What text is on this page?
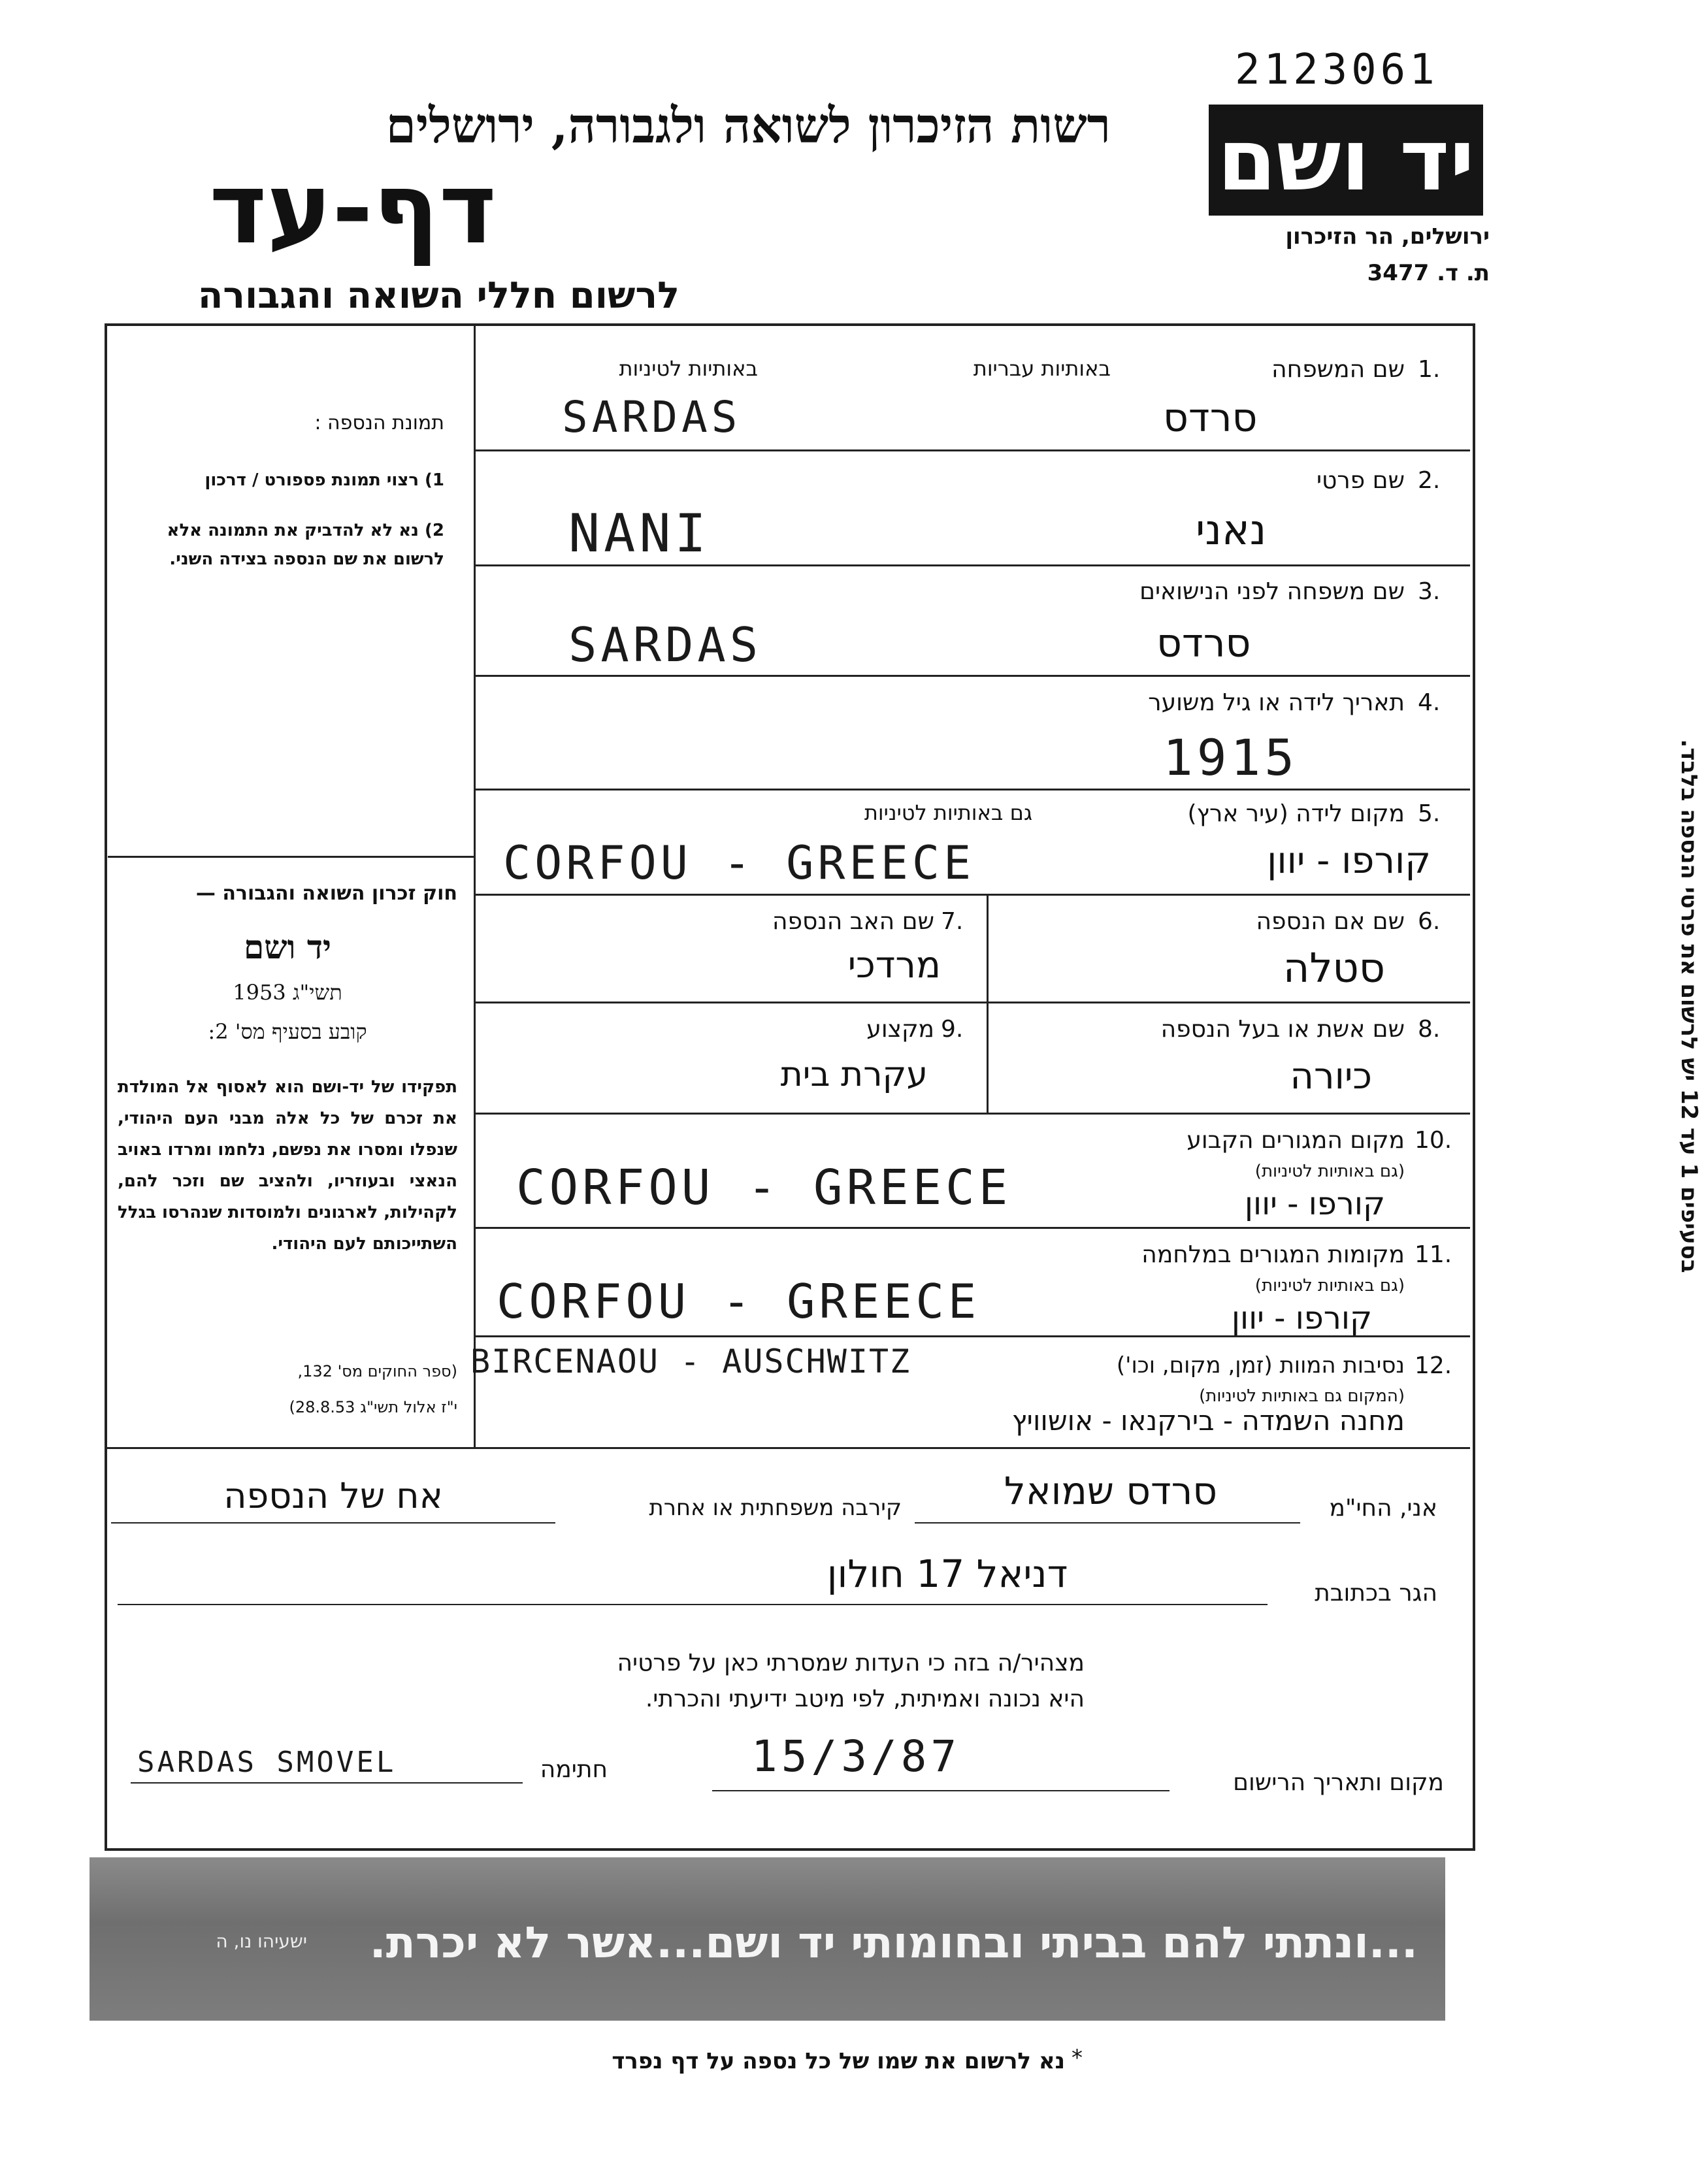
2123061
רשות הזיכרון לשואה ולגבורה, ירושלים
דף-עד
לרשום חללי השואה והגבורה
יד ושם
ירושלים, הר הזיכרון
ת. ד. 3477
תמונת הנספה :
1) רצוי תמונת פספורט / דרכון
2) נא לא להדביק את התמונה אלא לרשום את שם הנספה בצידה השני.
חוק זכרון השואה והגבורה —
יד ושם
תשי"ג 1953
קובע בסעיף מס' 2:
תפקידו של יד-ושם הוא לאסוף אל המולדת את זכרם של כל אלה מבני העם היהודי, שנפלו ומסרו את נפשם, נלחמו ומרדו באויב הנאצי ובעוזריו, ולהציב שם וזכר להם, לקהילות, לארגונים ולמוסדות שנהרסו בגלל השתייכותם לעם היהודי.
(ספר החוקים מס' 132,
י"ז אלול תשי"ג 28.8.53)
1.
שם המשפחה
באותיות עבריות
באותיות לטיניות
SARDAS	סרדס
2.
שם פרטי
NANI	נאני
3.
שם משפחה לפני הנישואים
SARDAS	סרדס
4.
תאריך לידה או גיל משוער
1915
5.
מקום לידה (עיר ארץ)
גם באותיות לטיניות
CORFOU - GREECE	קורפו - יוון
6.
שם אם הנספה
סטלה
7.
שם האב הנספה
מרדכי
8.
שם אשת או בעל הנספה
כיורה
9.
מקצוע
עקרת בית
10.
מקום המגורים הקבוע
(גם באותיות לטיניות)
CORFOU - GREECE	קורפו - יוון
11.
מקומות המגורים במלחמה
(גם באותיות לטיניות)
CORFOU - GREECE	קורפו - יוון
12.
נסיבות המוות (זמן, מקום, וכו')
(המקום גם באותיות לטיניות)
BIRCENAOU - AUSCHWITZ
מחנה השמדה - בירקנאו - אושוויץ
בסעיפים 1 עד 12 יש לרשום את פרטי הנספה בלבד.
אני, החי"מ
סרדס שמואל
קירבה משפחתית או אחרת
אח של הנספה
הגר בכתובת
דניאל 17 חולון
מצהיר/ה בזה כי העדות שמסרתי כאן על פרטיה
היא נכונה ואמיתית, לפי מיטב ידיעתי והכרתי.
מקום ותאריך הרישום
15/3/87
חתימה
SARDAS SMOVEL
...ונתתי להם בביתי ובחומותי יד ושם...אשר לא יכרת.
ישעיהו נו, ה
*
נא לרשום את שמו של כל נספה על דף נפרד
